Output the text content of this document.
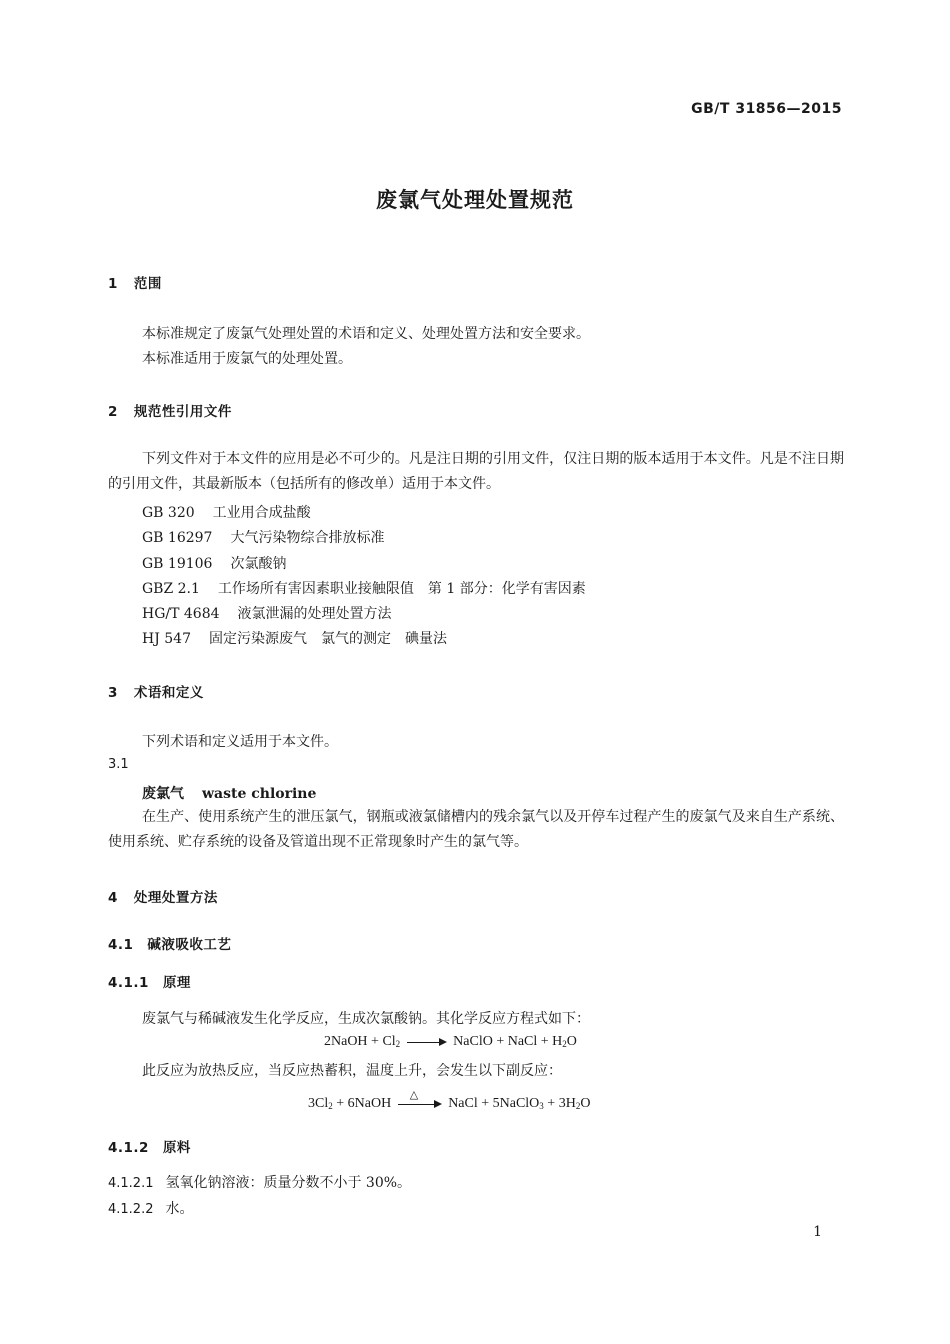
GB/T 31856—2015
废氯气处理处置规范
1 范围
本标准规定了废氯气处理处置的术语和定义、处理处置方法和安全要求。
本标准适用于废氯气的处理处置。
2 规范性引用文件
下列文件对于本文件的应用是必不可少的。凡是注日期的引用文件，仅注日期的版本适用于本文件。凡是不注日期的引用文件，其最新版本（包括所有的修改单）适用于本文件。
GB 320 工业用合成盐酸
GB 16297 大气污染物综合排放标准
GB 19106 次氯酸钠
GBZ 2.1 工作场所有害因素职业接触限值　第 1 部分：化学有害因素
HG/T 4684 液氯泄漏的处理处置方法
HJ 547 固定污染源废气　氯气的测定　碘量法
3 术语和定义
下列术语和定义适用于本文件。
3.1
废氯气 waste chlorine
在生产、使用系统产生的泄压氯气，钢瓶或液氯储槽内的残余氯气以及开停车过程产生的废氯气及来自生产系统、使用系统、贮存系统的设备及管道出现不正常现象时产生的氯气等。
4 处理处置方法
4.1 碱液吸收工艺
4.1.1 原理
废氯气与稀碱液发生化学反应，生成次氯酸钠。其化学反应方程式如下：
2NaOH + $Cl_2$	NaClO + NaCl + $H_2O$
此反应为放热反应，当反应热蓄积，温度上升，会发生以下副反应：
$3Cl_2$ + 6NaOH
△
NaCl + 5NaClO$_3$ + $3H_2O$
4.1.2 原料
4.1.2.1 氢氧化钠溶液：质量分数不小于 30%。
4.1.2.2 水。
1
